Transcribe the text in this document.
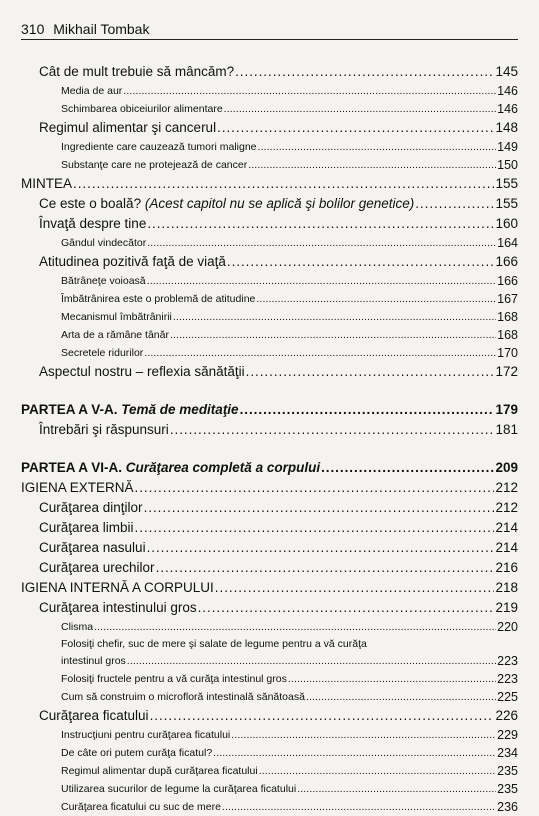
310 Mikhail Tombak
Cât de mult trebuie să mâncăm? . . .	145
Media de aur . . .	146
Schimbarea obiceiurilor alimentare . . .	146
Regimul alimentar şi cancerul . . .	148
Ingrediente care cauzează tumori maligne . . .	149
Substanţe care ne protejează de cancer . . .	150
MINTEA . . .	155
Ce este o boală? (Acest capitol nu se aplică şi bolilor genetice) . . .	155
Învaţă despre tine . . .	160
Gândul vindecător . . .	164
Atitudinea pozitivă faţă de viaţă . . .	166
Bătrâneţe voioasă . . .	166
Îmbătrânirea este o problemă de atitudine . . .	167
Mecanismul îmbătrânirii . . .	168
Arta de a rămâne tânăr . . .	168
Secretele ridurilor . . .	170
Aspectul nostru – reflexia sănătăţii . . .	172
PARTEA A V-A. Temă de meditaţie . . .	179
Întrebări şi răspunsuri . . .	181
PARTEA A VI-A. Curăţarea completă a corpului . . .	209
IGIENA EXTERNĂ . . .	212
Curăţarea dinţilor . . .	212
Curăţarea limbii . . .	214
Curăţarea nasului . . .	214
Curăţarea urechilor . . .	216
IGIENA INTERNĂ A CORPULUI . . .	218
Curăţarea intestinului gros . . .	219
Clisma . . .	220
Folosiţi chefir, suc de mere şi salate de legume pentru a vă curăţa
intestinul gros . . .	223
Folosiţi fructele pentru a vă curăţa intestinul gros . . .	223
Cum să construim o microfloră intestinală sănătoasă . . .	225
Curăţarea ficatului . . .	226
Instrucţiuni pentru curăţarea ficatului . . .	229
De câte ori putem curăţa ficatul? . . .	234
Regimul alimentar după curăţarea ficatului . . .	235
Utilizarea sucurilor de legume la curăţarea ficatului . . .	235
Curăţarea ficatului cu suc de mere . . .	236
